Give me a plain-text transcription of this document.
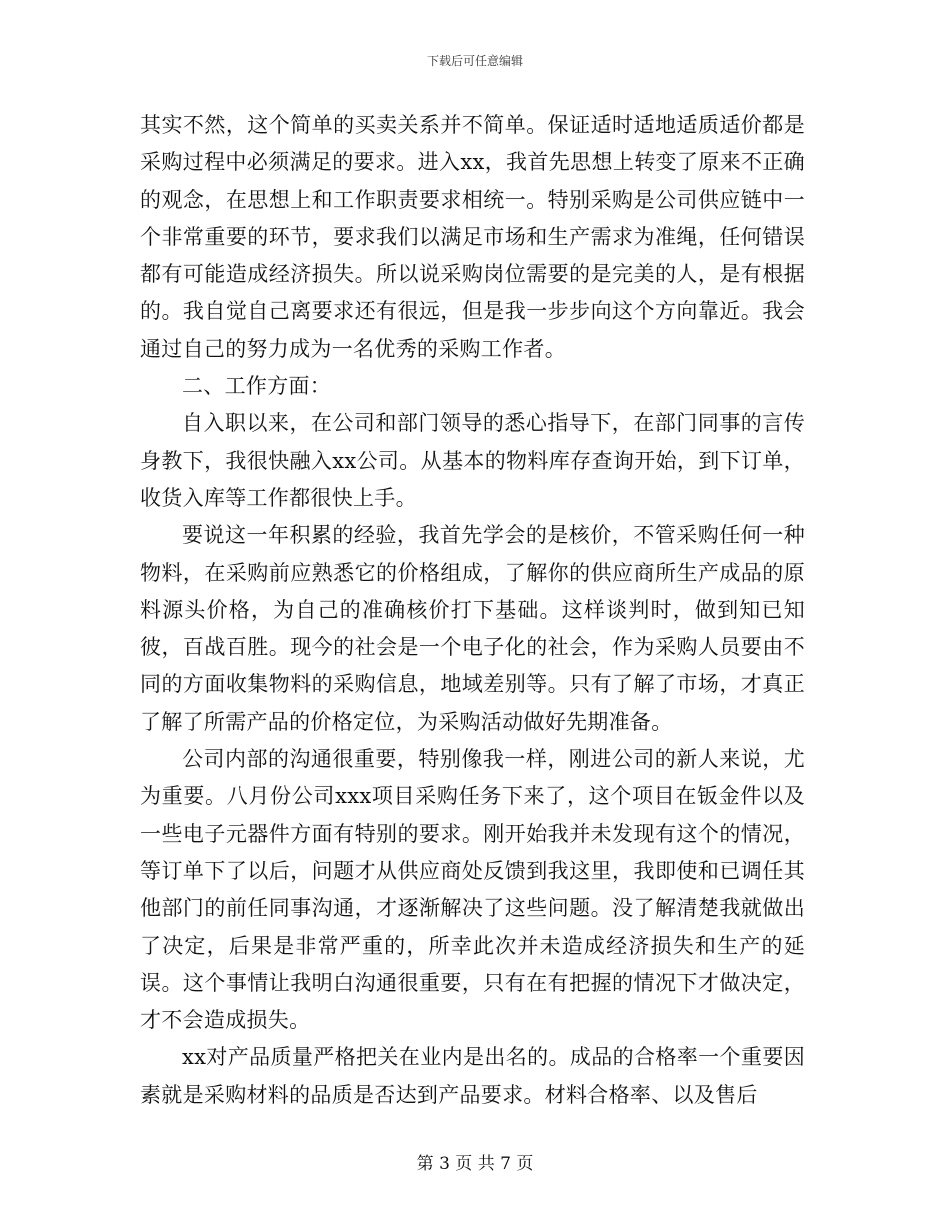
下载后可任意编辑

其实不然，这个简单的买卖关系并不简单。保证适时适地适质适价都是采购过程中必须满足的要求。进入xx，我首先思想上转变了原来不正确的观念，在思想上和工作职责要求相统一。特别采购是公司供应链中一个非常重要的环节，要求我们以满足市场和生产需求为准绳，任何错误都有可能造成经济损失。所以说采购岗位需要的是完美的人，是有根据的。我自觉自己离要求还有很远，但是我一步步向这个方向靠近。我会通过自己的努力成为一名优秀的采购工作者。

二、工作方面：

自入职以来，在公司和部门领导的悉心指导下，在部门同事的言传身教下，我很快融入xx公司。从基本的物料库存查询开始，到下订单，收货入库等工作都很快上手。

要说这一年积累的经验，我首先学会的是核价，不管采购任何一种物料，在采购前应熟悉它的价格组成，了解你的供应商所生产成品的原料源头价格，为自己的准确核价打下基础。这样谈判时，做到知已知彼，百战百胜。现今的社会是一个电子化的社会，作为采购人员要由不同的方面收集物料的采购信息，地域差别等。只有了解了市场，才真正了解了所需产品的价格定位，为采购活动做好先期准备。

公司内部的沟通很重要，特别像我一样，刚进公司的新人来说，尤为重要。八月份公司xxx项目采购任务下来了，这个项目在钣金件以及一些电子元器件方面有特别的要求。刚开始我并未发现有这个的情况，等订单下了以后，问题才从供应商处反馈到我这里，我即使和已调任其他部门的前任同事沟通，才逐渐解决了这些问题。没了解清楚我就做出了决定，后果是非常严重的，所幸此次并未造成经济损失和生产的延误。这个事情让我明白沟通很重要，只有在有把握的情况下才做决定，才不会造成损失。

xx对产品质量严格把关在业内是出名的。成品的合格率一个重要因素就是采购材料的品质是否达到产品要求。材料合格率、以及售后

第 3 页 共 7 页
